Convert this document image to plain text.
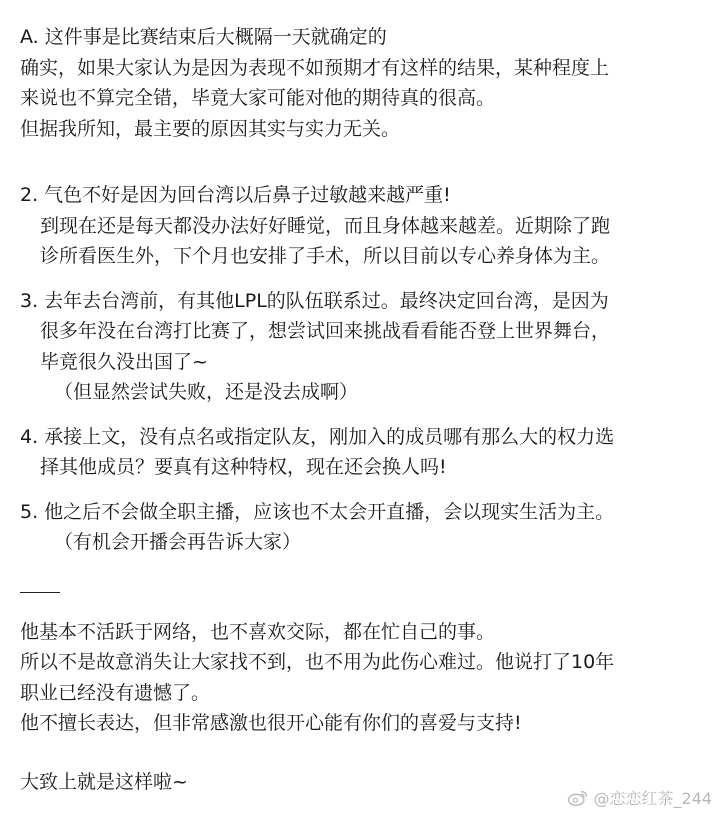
A. 这件事是比赛结束后大概隔一天就确定的
确实，如果大家认为是因为表现不如预期才有这样的结果，某种程度上
来说也不算完全错，毕竟大家可能对他的期待真的很高。
但据我所知，最主要的原因其实与实力无关。
2. 气色不好是因为回台湾以后鼻子过敏越来越严重!
到现在还是每天都没办法好好睡觉，而且身体越来越差。近期除了跑
诊所看医生外，下个月也安排了手术，所以目前以专心养身体为主。
3. 去年去台湾前，有其他LPL的队伍联系过。最终决定回台湾，是因为
很多年没在台湾打比赛了，想尝试回来挑战看看能否登上世界舞台，
毕竟很久没出国了~
（但显然尝试失败，还是没去成啊）
4. 承接上文，没有点名或指定队友，刚加入的成员哪有那么大的权力选
择其他成员？要真有这种特权，现在还会换人吗!
5. 他之后不会做全职主播，应该也不太会开直播，会以现实生活为主。
（有机会开播会再告诉大家）
他基本不活跃于网络，也不喜欢交际，都在忙自己的事。
所以不是故意消失让大家找不到，也不用为此伤心难过。他说打了10年
职业已经没有遗憾了。
他不擅长表达，但非常感激也很开心能有你们的喜爱与支持!
大致上就是这样啦~
@恋恋红茶_244
